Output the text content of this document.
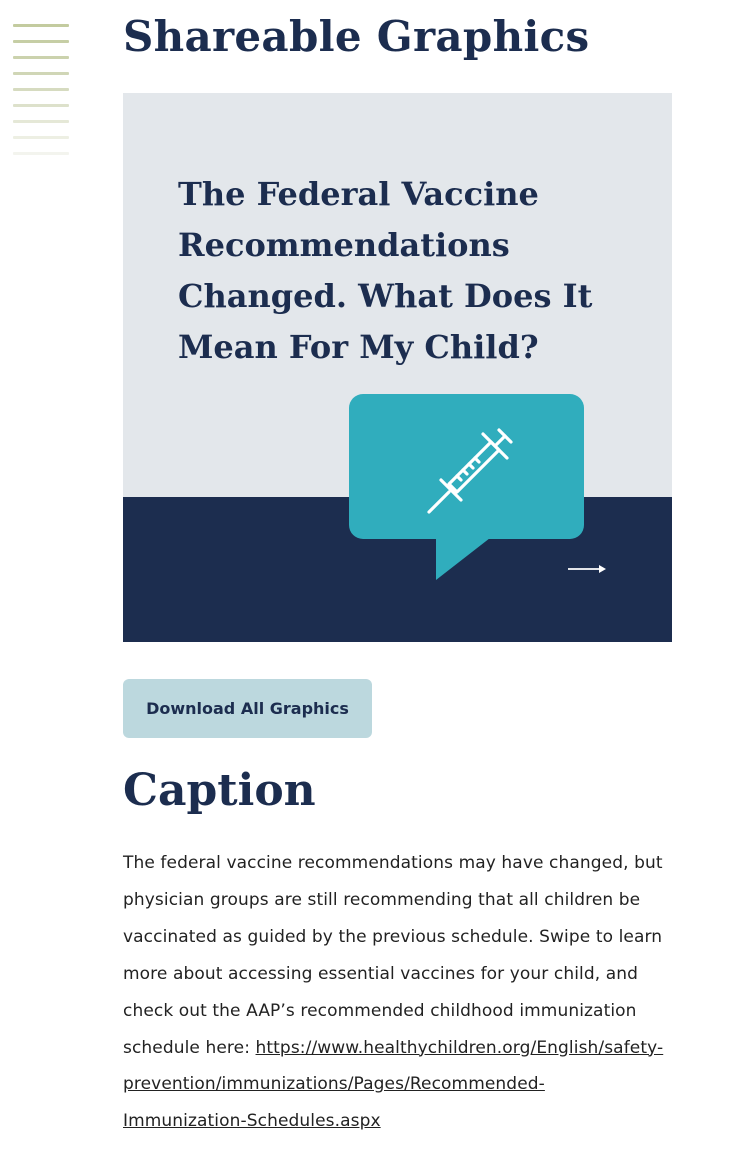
Shareable Graphics

The Federal Vaccine Recommendations Changed. What Does It Mean For My Child?

Download All Graphics
Caption

The federal vaccine recommendations may have changed, but physician groups are still recommending that all children be vaccinated as guided by the previous schedule. Swipe to learn more about accessing essential vaccines for your child, and check out the AAP’s recommended childhood immunization schedule here: https://www.healthychildren.org/English/safety-prevention/immunizations/Pages/Recommended-Immunization-Schedules.aspx
